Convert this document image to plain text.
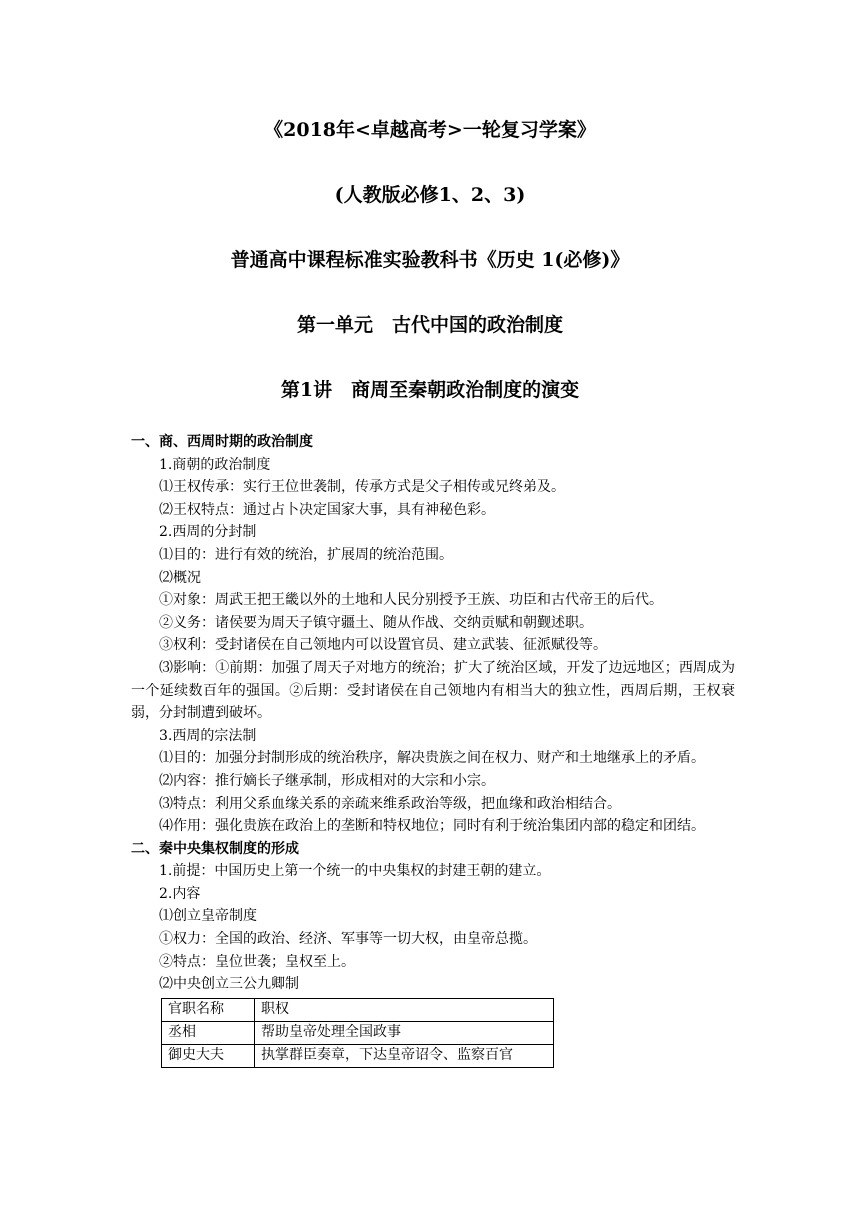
《2018年<卓越高考>一轮复习学案》
(人教版必修1、2、3)
普通高中课程标准实验教科书《历史 1(必修)》
第一单元　古代中国的政治制度
第1讲　商周至秦朝政治制度的演变
一、商、西周时期的政治制度
1.商朝的政治制度
⑴王权传承：实行王位世袭制，传承方式是父子相传或兄终弟及。
⑵王权特点：通过占卜决定国家大事，具有神秘色彩。
2.西周的分封制
⑴目的：进行有效的统治，扩展周的统治范围。
⑵概况
①对象：周武王把王畿以外的土地和人民分别授予王族、功臣和古代帝王的后代。
②义务：诸侯要为周天子镇守疆土、随从作战、交纳贡赋和朝觐述职。
③权利：受封诸侯在自己领地内可以设置官员、建立武装、征派赋役等。
⑶影响：①前期：加强了周天子对地方的统治；扩大了统治区域，开发了边远地区；西周成为一个延续数百年的强国。②后期：受封诸侯在自己领地内有相当大的独立性，西周后期，王权衰弱，分封制遭到破坏。
3.西周的宗法制
⑴目的：加强分封制形成的统治秩序，解决贵族之间在权力、财产和土地继承上的矛盾。
⑵内容：推行嫡长子继承制，形成相对的大宗和小宗。
⑶特点：利用父系血缘关系的亲疏来维系政治等级，把血缘和政治相结合。
⑷作用：强化贵族在政治上的垄断和特权地位；同时有利于统治集团内部的稳定和团结。
二、秦中央集权制度的形成
1.前提：中国历史上第一个统一的中央集权的封建王朝的建立。
2.内容
⑴创立皇帝制度
①权力：全国的政治、经济、军事等一切大权，由皇帝总揽。
②特点：皇位世袭；皇权至上。
⑵中央创立三公九卿制
官职名称	职权
丞相	帮助皇帝处理全国政事
御史大夫	执掌群臣奏章，下达皇帝诏令、监察百官
